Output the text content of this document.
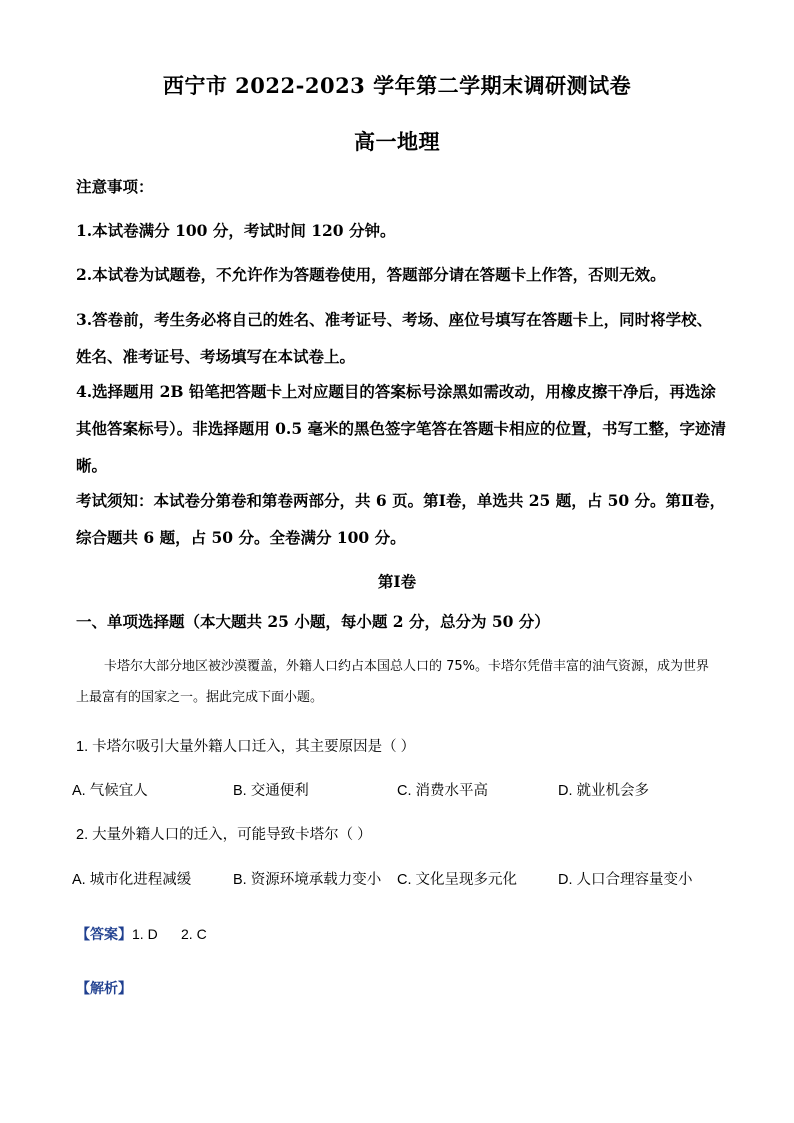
西宁市 2022-2023 学年第二学期末调研测试卷
高一地理
注意事项：
1.本试卷满分 100 分，考试时间 120 分钟。
2.本试卷为试题卷，不允许作为答题卷使用，答题部分请在答题卡上作答，否则无效。
3.答卷前，考生务必将自己的姓名、准考证号、考场、座位号填写在答题卡上，同时将学校、姓名、准考证号、考场填写在本试卷上。
4.选择题用 2B 铅笔把答题卡上对应题目的答案标号涂黑如需改动，用橡皮擦干净后，再选涂其他答案标号）。非选择题用 0.5 毫米的黑色签字笔答在答题卡相应的位置，书写工整，字迹清晰。
考试须知：本试卷分第卷和第卷两部分，共 6 页。第Ⅰ卷，单选共 25 题，占 50 分。第Ⅱ卷，综合题共 6 题，占 50 分。全卷满分 100 分。
第Ⅰ卷
一、单项选择题（本大题共 25 小题，每小题 2 分，总分为 50 分）
卡塔尔大部分地区被沙漠覆盖，外籍人口约占本国总人口的 75%。卡塔尔凭借丰富的油气资源，成为世界上最富有的国家之一。据此完成下面小题。
1. 卡塔尔吸引大量外籍人口迁入，其主要原因是（ ）
A. 气候宜人	B. 交通便利	C. 消费水平高	D. 就业机会多
2. 大量外籍人口的迁入，可能导致卡塔尔（ ）
A. 城市化进程减缓	B. 资源环境承载力变小 C. 文化呈现多元化	D. 人口合理容量变小
【答案】1. D      2. C
【解析】
